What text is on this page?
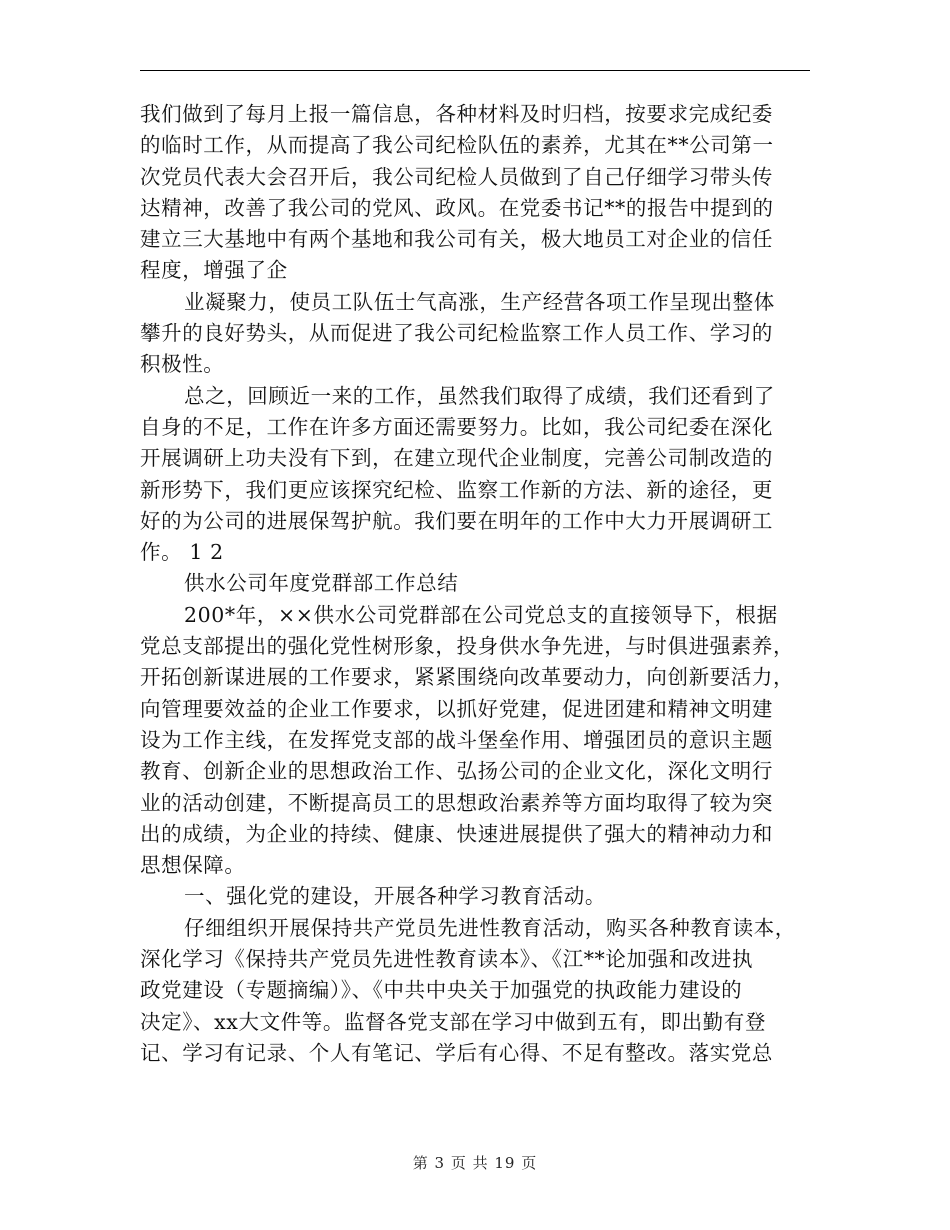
我们做到了每月上报一篇信息，各种材料及时归档，按要求完成纪委
的临时工作，从而提高了我公司纪检队伍的素养，尤其在**公司第一
次党员代表大会召开后，我公司纪检人员做到了自己仔细学习带头传
达精神，改善了我公司的党风、政风。在党委书记**的报告中提到的
建立三大基地中有两个基地和我公司有关，极大地员工对企业的信任
程度，增强了企
业凝聚力，使员工队伍士气高涨，生产经营各项工作呈现出整体
攀升的良好势头，从而促进了我公司纪检监察工作人员工作、学习的
积极性。
总之，回顾近一来的工作，虽然我们取得了成绩，我们还看到了
自身的不足，工作在许多方面还需要努力。比如，我公司纪委在深化
开展调研上功夫没有下到，在建立现代企业制度，完善公司制改造的
新形势下，我们更应该探究纪检、监察工作新的方法、新的途径，更
好的为公司的进展保驾护航。我们要在明年的工作中大力开展调研工
作。 1 2
供水公司年度党群部工作总结
200*年，××供水公司党群部在公司党总支的直接领导下，根据
党总支部提出的强化党性树形象，投身供水争先进，与时俱进强素养，
开拓创新谋进展的工作要求，紧紧围绕向改革要动力，向创新要活力，
向管理要效益的企业工作要求，以抓好党建，促进团建和精神文明建
设为工作主线，在发挥党支部的战斗堡垒作用、增强团员的意识主题
教育、创新企业的思想政治工作、弘扬公司的企业文化，深化文明行
业的活动创建，不断提高员工的思想政治素养等方面均取得了较为突
出的成绩，为企业的持续、健康、快速进展提供了强大的精神动力和
思想保障。
一、强化党的建设，开展各种学习教育活动。
仔细组织开展保持共产党员先进性教育活动，购买各种教育读本，
深化学习《保持共产党员先进性教育读本》、《江**论加强和改进执
政党建设（专题摘编）》、《中共中央关于加强党的执政能力建设的
决定》、xx大文件等。监督各党支部在学习中做到五有，即出勤有登
记、学习有记录、个人有笔记、学后有心得、不足有整改。落实党总
第 3 页 共 19 页
